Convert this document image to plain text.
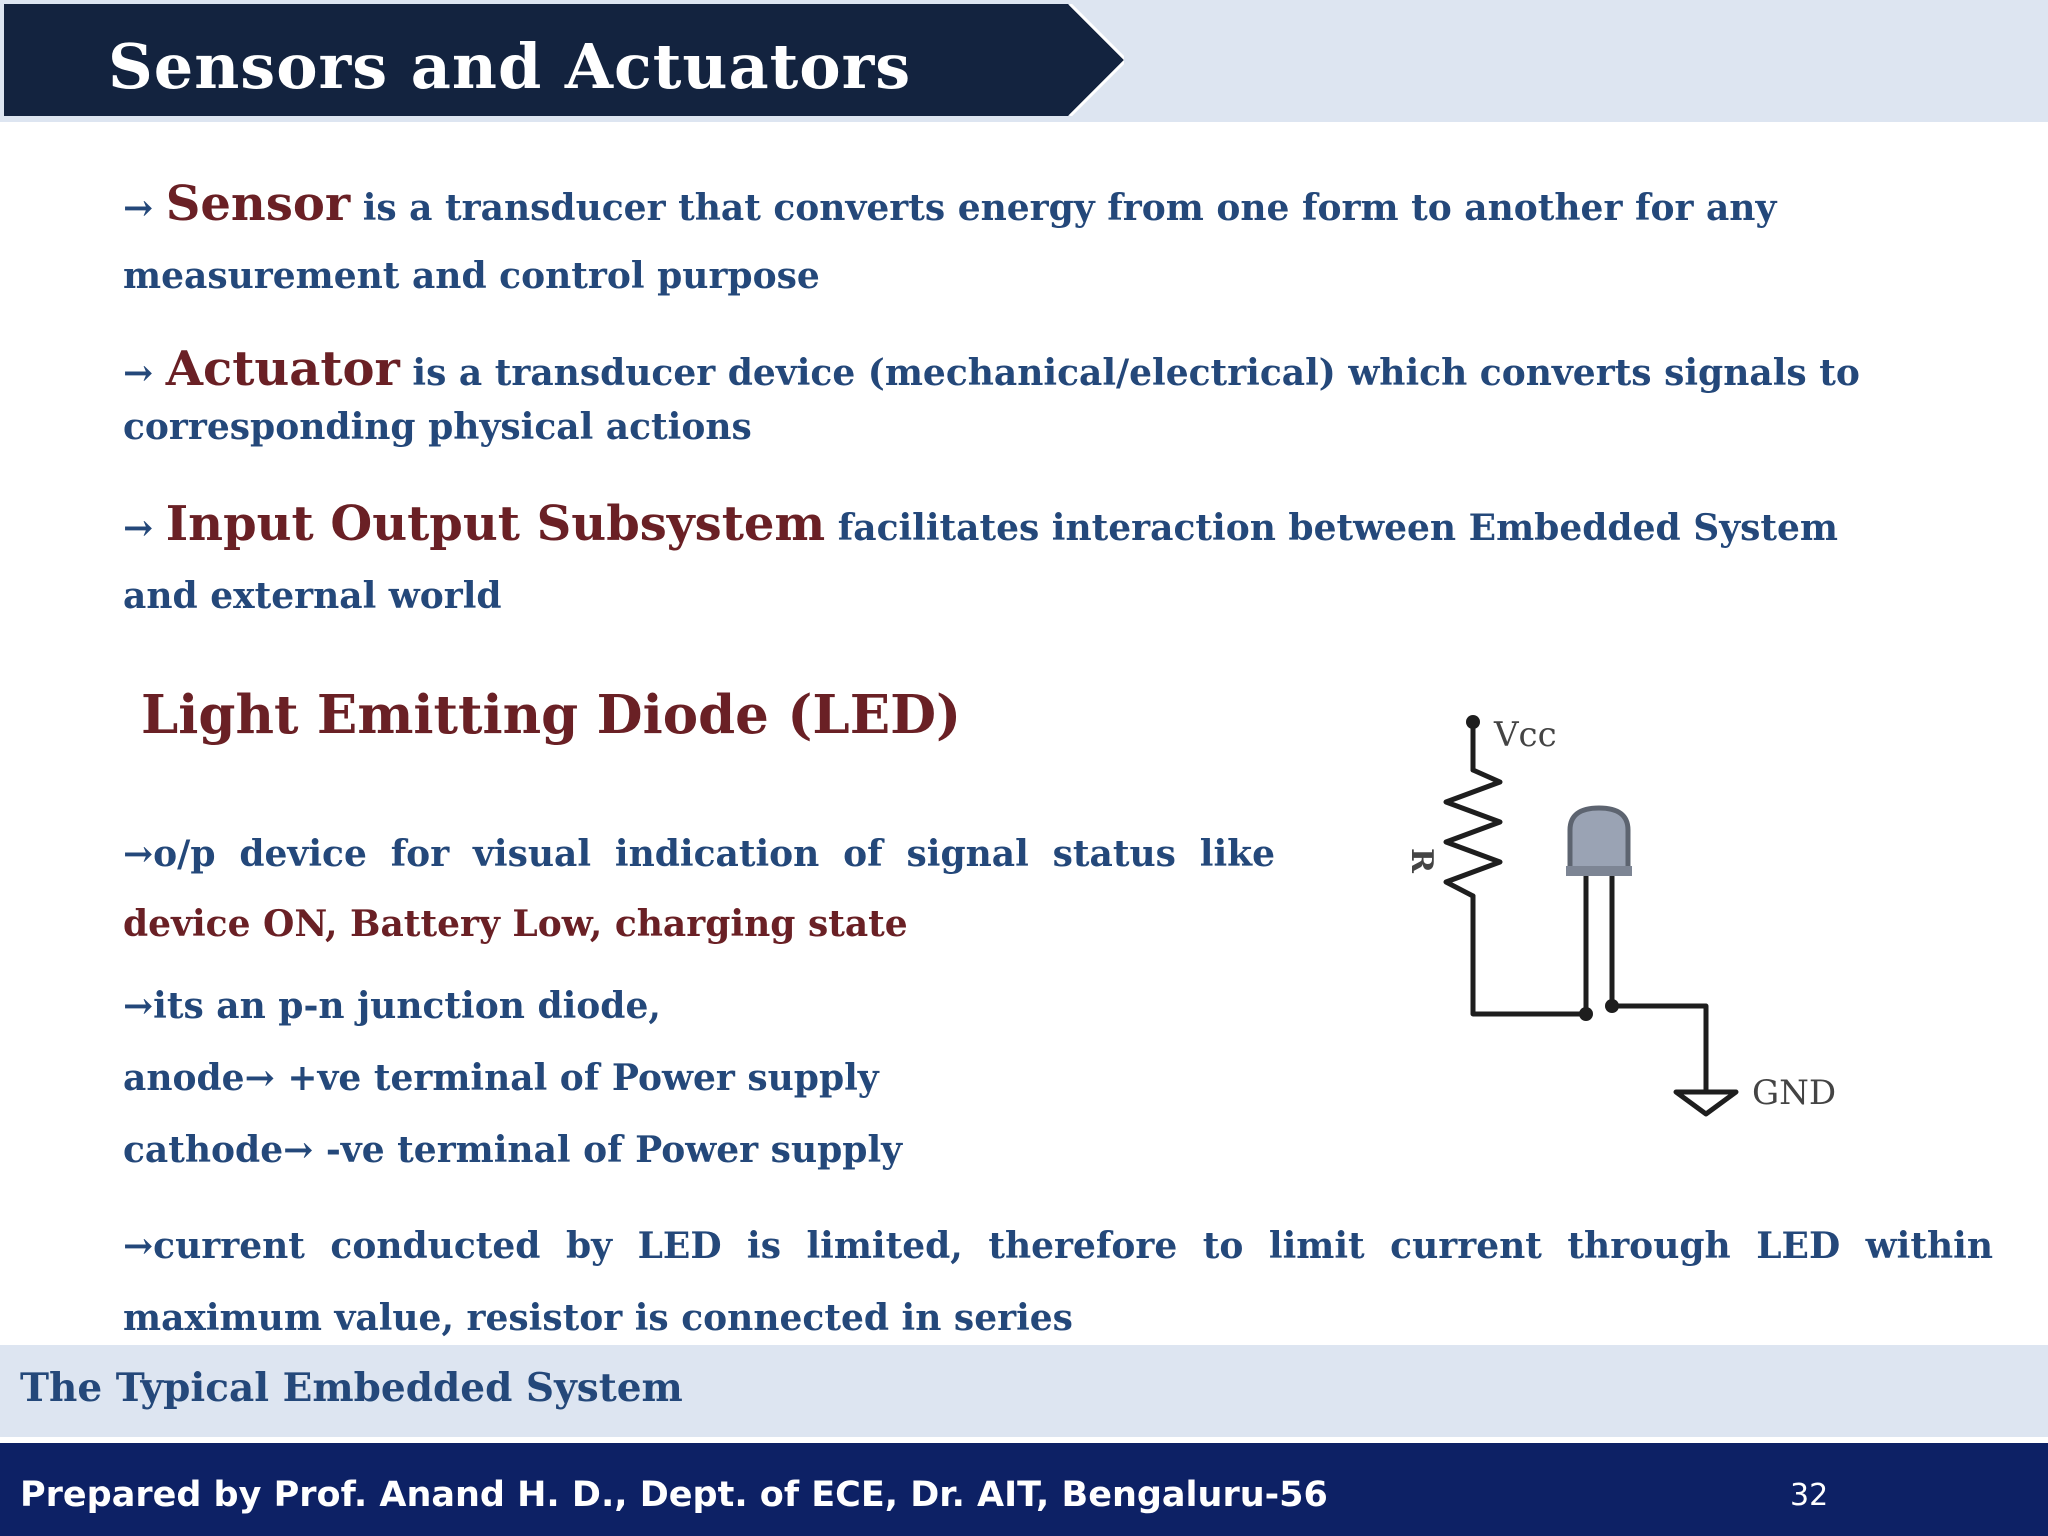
Sensors and Actuators
→ Sensor is a transducer that converts energy from one form to another for any
measurement and control purpose
→ Actuator is a transducer device (mechanical/electrical) which converts signals to
corresponding physical actions
→ Input Output Subsystem facilitates interaction between Embedded System
and external world
Light Emitting Diode (LED)
→o/p device for visual indication of signal status like
device ON, Battery Low, charging state
→its an p-n junction diode,
anode→ +ve terminal of Power supply
cathode→ -ve terminal of Power supply
→current conducted by LED is limited, therefore to limit current through LED within
maximum value, resistor is connected in series
Vcc
R
GND
The Typical Embedded System
Prepared by Prof. Anand H. D., Dept. of ECE, Dr. AIT, Bengaluru-56	32
